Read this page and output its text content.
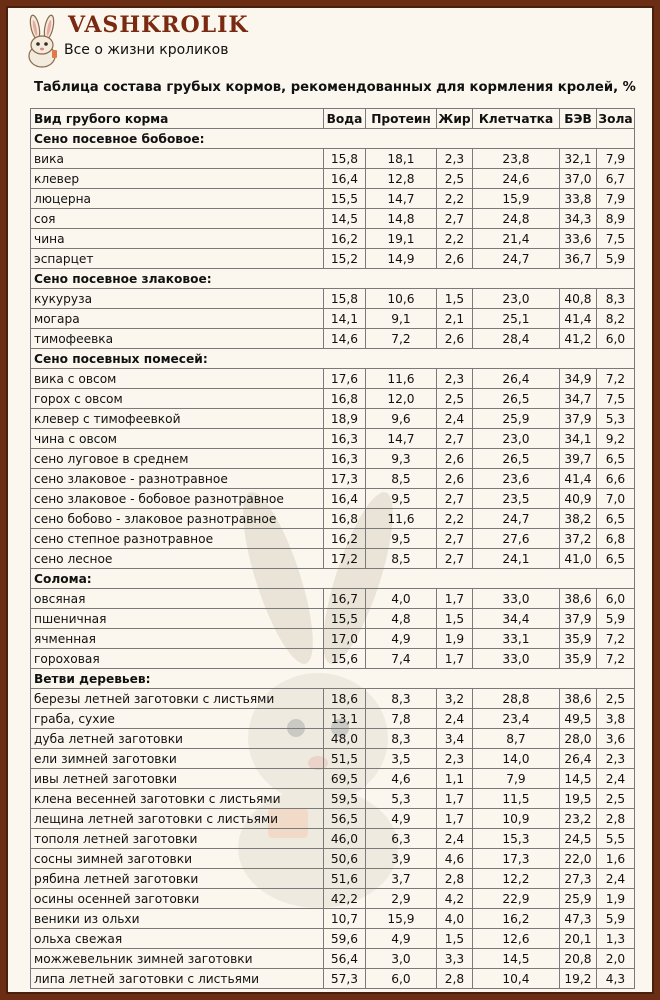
VASHKROLIK
Все о жизни кроликов
Таблица состава грубых кормов, рекомендованных для кормления кролей, %
Вид грубого корма	Вода	Протеин	Жир	Клетчатка	БЭВ	Зола
Сено посевное бобовое:						
вика	15,8	18,1	2,3	23,8	32,1	7,9
клевер	16,4	12,8	2,5	24,6	37,0	6,7
люцерна	15,5	14,7	2,2	15,9	33,8	7,9
соя	14,5	14,8	2,7	24,8	34,3	8,9
чина	16,2	19,1	2,2	21,4	33,6	7,5
эспарцет	15,2	14,9	2,6	24,7	36,7	5,9
Сено посевное злаковое:						
кукуруза	15,8	10,6	1,5	23,0	40,8	8,3
могара	14,1	9,1	2,1	25,1	41,4	8,2
тимофеевка	14,6	7,2	2,6	28,4	41,2	6,0
Сено посевных помесей:						
вика с овсом	17,6	11,6	2,3	26,4	34,9	7,2
горох с овсом	16,8	12,0	2,5	26,5	34,7	7,5
клевер с тимофеевкой	18,9	9,6	2,4	25,9	37,9	5,3
чина с овсом	16,3	14,7	2,7	23,0	34,1	9,2
сено луговое в среднем	16,3	9,3	2,6	26,5	39,7	6,5
сено злаковое - разнотравное	17,3	8,5	2,6	23,6	41,4	6,6
сено злаковое - бобовое разнотравное	16,4	9,5	2,7	23,5	40,9	7,0
сено бобово - злаковое разнотравное	16,8	11,6	2,2	24,7	38,2	6,5
сено степное разнотравное	16,2	9,5	2,7	27,6	37,2	6,8
сено лесное	17,2	8,5	2,7	24,1	41,0	6,5
Солома:						
овсяная	16,7	4,0	1,7	33,0	38,6	6,0
пшеничная	15,5	4,8	1,5	34,4	37,9	5,9
ячменная	17,0	4,9	1,9	33,1	35,9	7,2
гороховая	15,6	7,4	1,7	33,0	35,9	7,2
Ветви деревьев:						
березы летней заготовки с листьями	18,6	8,3	3,2	28,8	38,6	2,5
граба, сухие	13,1	7,8	2,4	23,4	49,5	3,8
дуба летней заготовки	48,0	8,3	3,4	8,7	28,0	3,6
ели зимней заготовки	51,5	3,5	2,3	14,0	26,4	2,3
ивы летней заготовки	69,5	4,6	1,1	7,9	14,5	2,4
клена весенней заготовки с листьями	59,5	5,3	1,7	11,5	19,5	2,5
лещина летней заготовки с листьями	56,5	4,9	1,7	10,9	23,2	2,8
тополя летней заготовки	46,0	6,3	2,4	15,3	24,5	5,5
сосны зимней заготовки	50,6	3,9	4,6	17,3	22,0	1,6
рябина летней заготовки	51,6	3,7	2,8	12,2	27,3	2,4
осины осенней заготовки	42,2	2,9	4,2	22,9	25,9	1,9
веники из ольхи	10,7	15,9	4,0	16,2	47,3	5,9
ольха свежая	59,6	4,9	1,5	12,6	20,1	1,3
можжевельник зимней заготовки	56,4	3,0	3,3	14,5	20,8	2,0
липа летней заготовки с листьями	57,3	6,0	2,8	10,4	19,2	4,3
